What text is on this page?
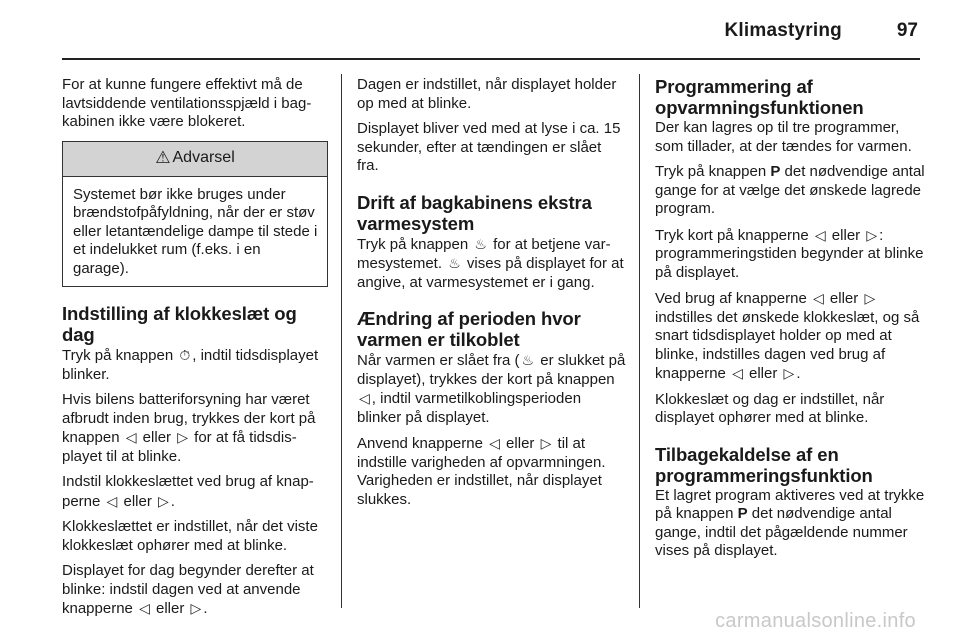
Klimastyring	97

For at kunne fungere effektivt må de lavtsiddende ventilationsspjæld i bagkabinen ikke være blokeret.

⚠ Advarsel
Systemet bør ikke bruges under brændstofpåfyldning, når der er støv eller letantændelige dampe til stede i et indelukket rum (f.eks. i en garage).
Indstilling af klokkeslæt og dag

Tryk på knappen ⏱ , indtil tidsdisplayet blinker.

Hvis bilens batteriforsyning har været afbrudt inden brug, trykkes der kort på knappen ◁ eller ▷ for at få tidsdisplayet til at blinke.

Indstil klokkeslættet ved brug af knapperne ◁ eller ▷ .

Klokkeslættet er indstillet, når det viste klokkeslæt ophører med at blinke.

Displayet for dag begynder derefter at blinke: indstil dagen ved at anvende knapperne ◁ eller ▷ .

Dagen er indstillet, når displayet holder op med at blinke.

Displayet bliver ved med at lyse i ca. 15 sekunder, efter at tændingen er slået fra.

Drift af bagkabinens ekstra varmesystem

Tryk på knappen ♨ for at betjene varmesystemet. ♨ vises på displayet for at angive, at varmesystemet er i gang.

Ændring af perioden hvor varmen er tilkoblet

Når varmen er slået fra ( ♨ er slukket på displayet), trykkes der kort på knappen ◁ , indtil varmetilkoblingsperioden blinker på displayet.

Anvend knapperne ◁ eller ▷ til at indstille varigheden af opvarmningen. Varigheden er indstillet, når displayet slukkes.

Programmering af opvarmningsfunktionen

Der kan lagres op til tre programmer, som tillader, at der tændes for varmen.

Tryk på knappen P det nødvendige antal gange for at vælge det ønskede lagrede program.

Tryk kort på knapperne ◁ eller ▷ : programmeringstiden begynder at blinke på displayet.

Ved brug af knapperne ◁ eller ▷ indstilles det ønskede klokkeslæt, og så snart tidsdisplayet holder op med at blinke, indstilles dagen ved brug af knapperne ◁ eller ▷ .

Klokkeslæt og dag er indstillet, når displayet ophører med at blinke.

Tilbagekaldelse af en programmeringsfunktion

Et lagret program aktiveres ved at trykke på knappen P det nødvendige antal gange, indtil det pågældende nummer vises på displayet.

carmanualsonline.info
